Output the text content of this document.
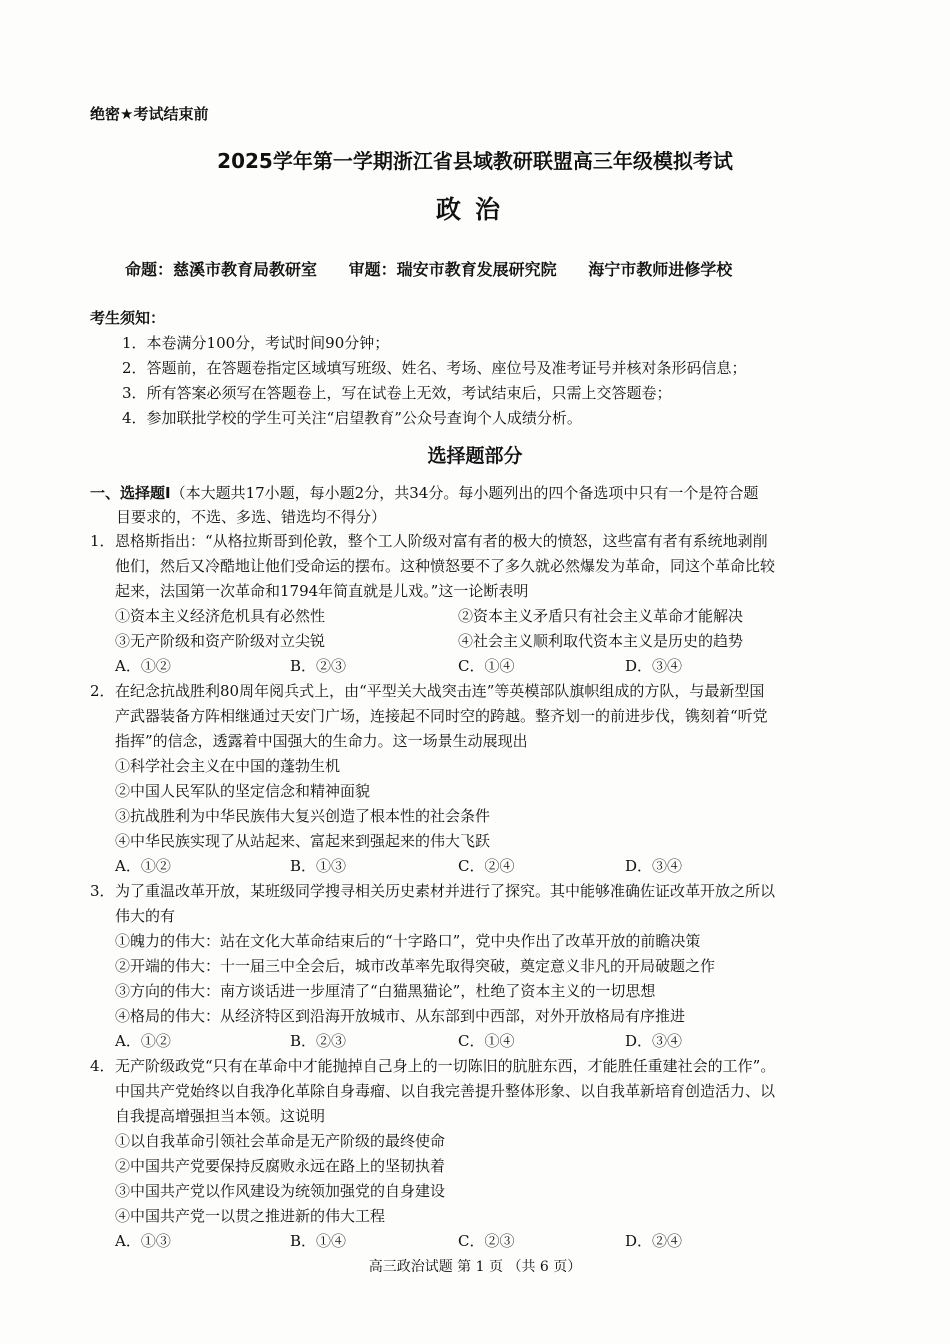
绝密★考试结束前
2025学年第一学期浙江省县域教研联盟高三年级模拟考试
政治
命题：慈溪市教育局教研室 审题：瑞安市教育发展研究院 海宁市教师进修学校
考生须知：
1．本卷满分100分，考试时间90分钟；
2．答题前，在答题卷指定区域填写班级、姓名、考场、座位号及准考证号并核对条形码信息；
3．所有答案必须写在答题卷上，写在试卷上无效，考试结束后，只需上交答题卷；
4．参加联批学校的学生可关注“启望教育”公众号查询个人成绩分析。
选择题部分
一、选择题Ⅰ（本大题共17小题，每小题2分，共34分。每小题列出的四个备选项中只有一个是符合题
目要求的，不选、多选、错选均不得分）
1． 恩格斯指出：“从格拉斯哥到伦敦，整个工人阶级对富有者的极大的愤怒，这些富有者有系统地剥削
他们，然后又冷酷地让他们受命运的摆布。这种愤怒要不了多久就必然爆发为革命，同这个革命比较
起来，法国第一次革命和1794年简直就是儿戏。”这一论断表明
①资本主义经济危机具有必然性	②资本主义矛盾只有社会主义革命才能解决
③无产阶级和资产阶级对立尖锐	④社会主义顺利取代资本主义是历史的趋势
A．①②	B．②③	C．①④	D．③④
2． 在纪念抗战胜利80周年阅兵式上，由“平型关大战突击连”等英模部队旗帜组成的方队，与最新型国
产武器装备方阵相继通过天安门广场，连接起不同时空的跨越。整齐划一的前进步伐，镌刻着“听党
指挥”的信念，透露着中国强大的生命力。这一场景生动展现出
①科学社会主义在中国的蓬勃生机
②中国人民军队的坚定信念和精神面貌
③抗战胜利为中华民族伟大复兴创造了根本性的社会条件
④中华民族实现了从站起来、富起来到强起来的伟大飞跃
A．①②	B．①③	C．②④	D．③④
3． 为了重温改革开放，某班级同学搜寻相关历史素材并进行了探究。其中能够准确佐证改革开放之所以
伟大的有
①魄力的伟大：站在文化大革命结束后的“十字路口”，党中央作出了改革开放的前瞻决策
②开端的伟大：十一届三中全会后，城市改革率先取得突破，奠定意义非凡的开局破题之作
③方向的伟大：南方谈话进一步厘清了“白猫黑猫论”，杜绝了资本主义的一切思想
④格局的伟大：从经济特区到沿海开放城市、从东部到中西部，对外开放格局有序推进
A．①②	B．②③	C．①④	D．③④
4． 无产阶级政党“只有在革命中才能抛掉自己身上的一切陈旧的肮脏东西，才能胜任重建社会的工作”。
中国共产党始终以自我净化革除自身毒瘤、以自我完善提升整体形象、以自我革新培育创造活力、以
自我提高增强担当本领。这说明
①以自我革命引领社会革命是无产阶级的最终使命
②中国共产党要保持反腐败永远在路上的坚韧执着
③中国共产党以作风建设为统领加强党的自身建设
④中国共产党一以贯之推进新的伟大工程
A．①③	B．①④	C．②③	D．②④
高三政治试题 第 1 页 （共 6 页）
